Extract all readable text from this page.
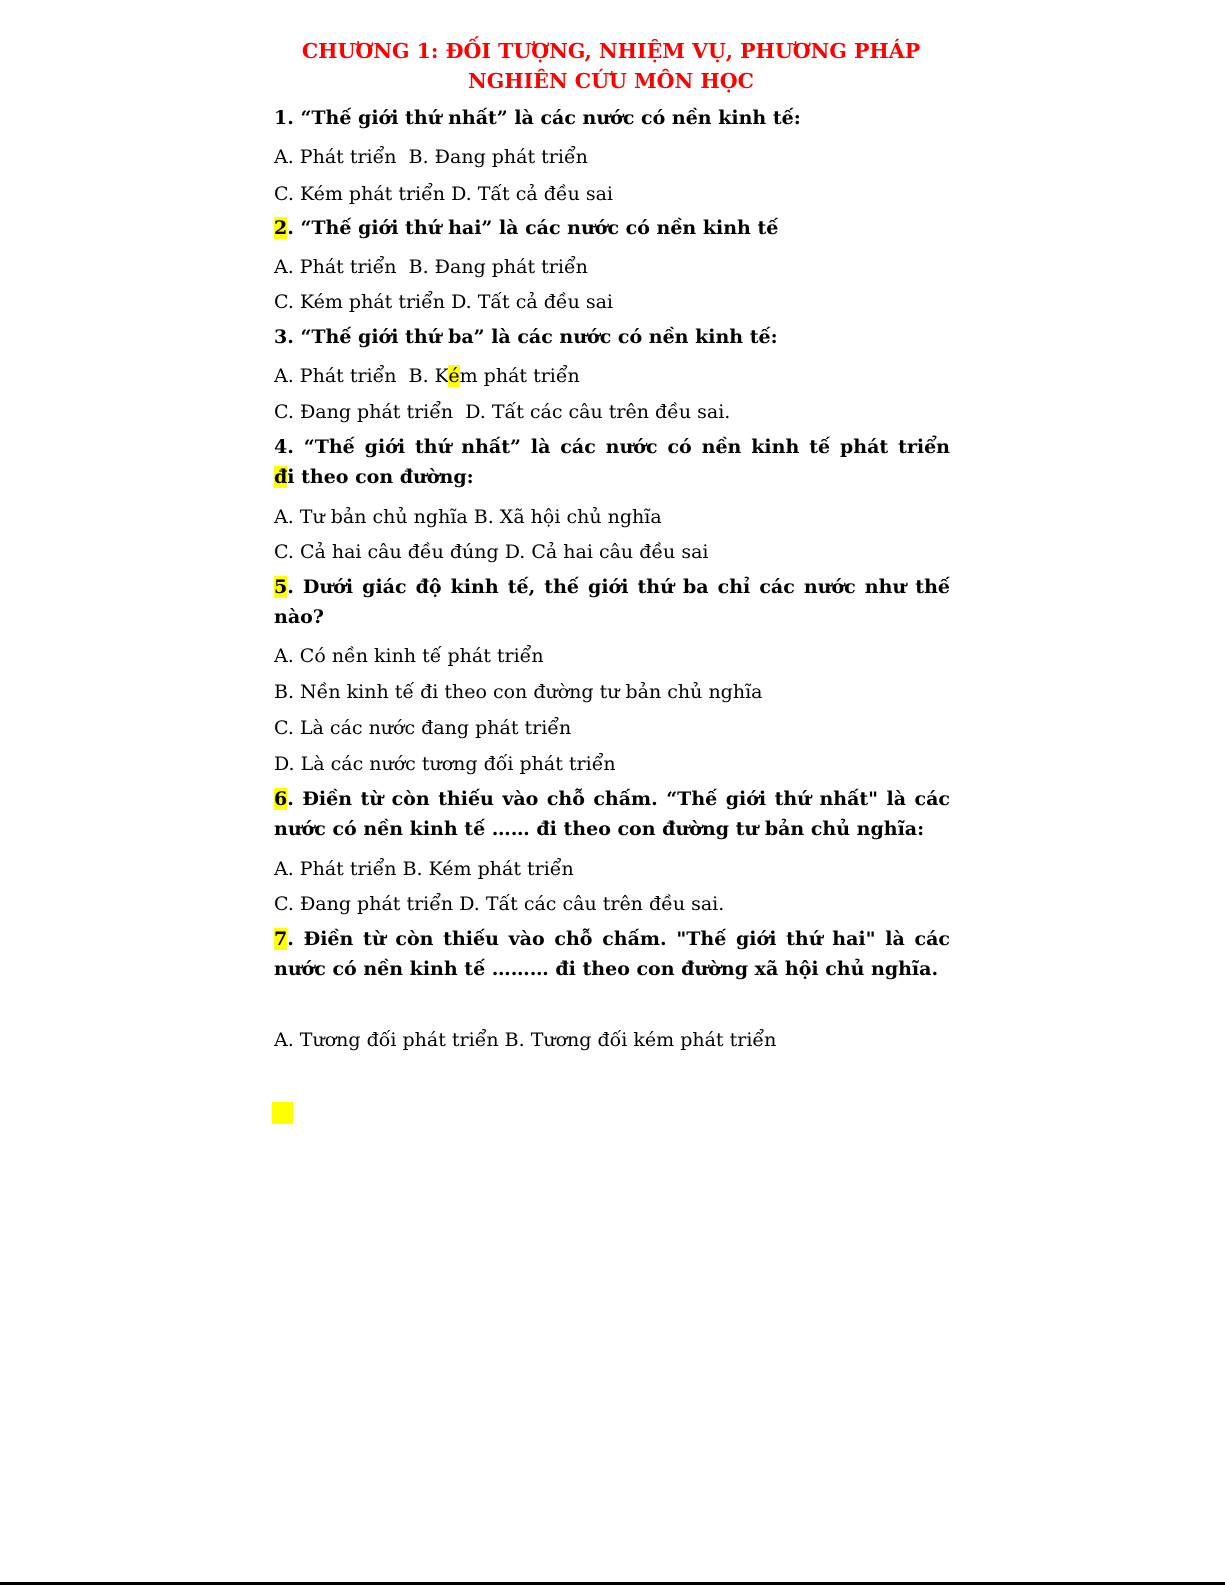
CHƯƠNG 1: ĐỐI TƯỢNG, NHIỆM VỤ, PHƯƠNG PHÁP
NGHIÊN CỨU MÔN HỌC
1. “Thế giới thứ nhất” là các nước có nền kinh tế:
A. Phát triển  B. Đang phát triển
C. Kém phát triển D. Tất cả đều sai
2. “Thế giới thứ hai” là các nước có nền kinh tế
A. Phát triển  B. Đang phát triển
C. Kém phát triển D. Tất cả đều sai
3. “Thế giới thứ ba” là các nước có nền kinh tế:
A. Phát triển  B. Kém phát triển
C. Đang phát triển  D. Tất các câu trên đều sai.
4. “Thế giới thứ nhất” là các nước có nền kinh tế phát triển
đi theo con đường:
A. Tư bản chủ nghĩa B. Xã hội chủ nghĩa
C. Cả hai câu đều đúng D. Cả hai câu đều sai
5. Dưới giác độ kinh tế, thế giới thứ ba chỉ các nước như thế nào?
A. Có nền kinh tế phát triển
B. Nền kinh tế đi theo con đường tư bản chủ nghĩa
C. Là các nước đang phát triển
D. Là các nước tương đối phát triển
6. Điền từ còn thiếu vào chỗ chấm. “Thế giới thứ nhất" là các nước có nền kinh tế …… đi theo con đường tư bản chủ nghĩa:
A. Phát triển B. Kém phát triển
C. Đang phát triển D. Tất các câu trên đều sai.
7. Điền từ còn thiếu vào chỗ chấm. "Thế giới thứ hai" là các nước có nền kinh tế ……… đi theo con đường xã hội chủ nghĩa.
A. Tương đối phát triển B. Tương đối kém phát triển
